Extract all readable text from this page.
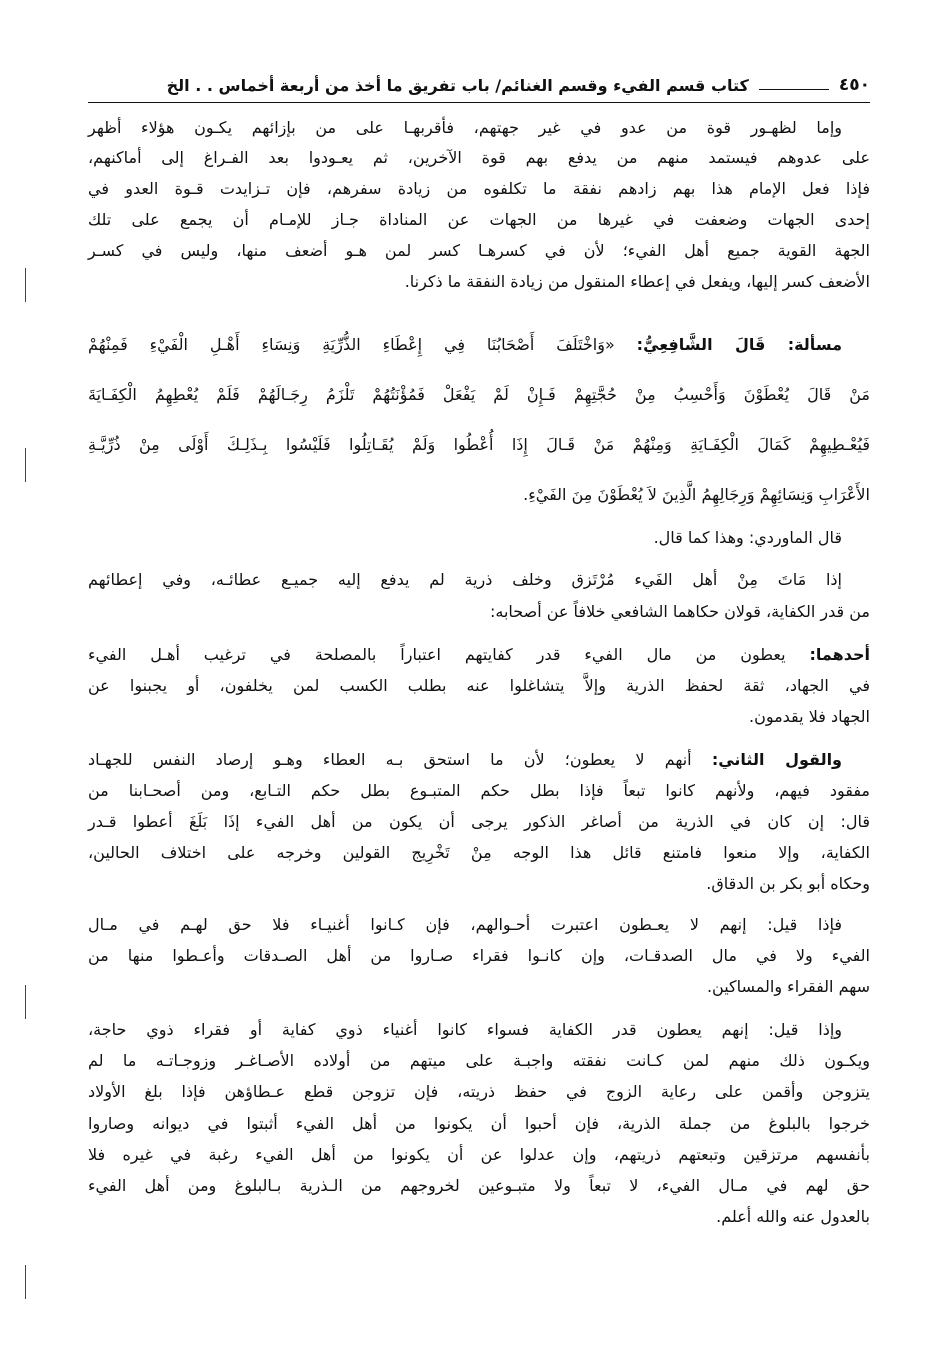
٤٥٠
كتاب قسم الفيء وقسم الغنائم/ باب تفريق ما أخذ من أربعة أخماس . . الخ
وإما لظهـور قوة من عدو في غير جهتهم، فأقربهـا على من بإزائهم يكـون هؤلاء أظهر
على عدوهم فيستمد منهم من يدفع بهم قوة الآخرين، ثم يعـودوا بعد الفـراغ إلى أماكنهم،
فإذا فعل الإمام هذا بهم زادهم نفقة ما تكلفوه من زيادة سفرهم، فإن تـزايدت قـوة العدو في
إحدى الجهات وضعفت في غيرها من الجهات عن المناداة جـاز للإمـام أن يجمع على تلك
الجهة القوية جميع أهل الفيء؛ لأن في كسرهـا كسر لمن هـو أضعف منها، وليس في كسـر
الأضعف كسر إليها، ويفعل في إعطاء المنقول من زيادة النفقة ما ذكرنا.
مسألة: قَالَ الشَّافِعِيُّ: «وَاخْتَلَفَ أَصْحَابُنَا فِي إِعْطَاءِ الذُّرِّيَةِ وَنِسَاءِ أَهْـلِ الْفَيْءِ فَمِنْهُمْ
مَنْ قَالَ يُعْطَوْنَ وَأَحْسِبُ مِنْ حُجَّتِهِمْ فَـإِنْ لَمْ يَفْعَلْ فَمُؤْنَتُهُمْ تَلْزَمُ رِجَـالَهُمْ فَلَمْ يُعْطِهِمُ الْكِفَـايَةَ
فَيُعْـطِيهِمْ كَمَالَ الْكِفَـايَةِ وَمِنْهُمْ مَنْ قَـالَ إِذَا أُعْطُوا وَلَمْ يُقَـاتِلُوا فَلَيْسُوا بِـذَلِـكَ أَوْلَى مِنْ ذُرِّيَّـةِ
الأَعْرَابِ وَنِسَائِهِمْ وَرِجَالِهِمُ الَّذِينَ لاَ يُعْطَوْنَ مِنَ الفَيْءِ.
قال الماوردي: وهذا كما قال.
إذا مَاتَ مِنْ أهل الفَيء مُرْتَزق وخلف ذرية لم يدفع إليه جميـع عطائـه، وفي إعطائهم
من قدر الكفاية، قولان حكاهما الشافعي خلافاً عن أصحابه:
أحدهما: يعطون من مال الفيء قدر كفايتهم اعتباراً بالمصلحة في ترغيب أهـل الفيء
في الجهاد، ثقة لحفظ الذرية وإلاَّ يتشاغلوا عنه بطلب الكسب لمن يخلفون، أو يجبنوا عن
الجهاد فلا يقدمون.
والقول الثاني: أنهم لا يعطون؛ لأن ما استحق بـه العطاء وهـو إرصاد النفس للجهـاد
مفقود فيهم، ولأنهم كانوا تبعاً فإذا بطل حكم المتبـوع بطل حكم التـابع، ومن أصحـابنا من
قال: إن كان في الذرية من أصاغر الذكور يرجى أن يكون من أهل الفيء إذَا بَلَغَ أعطوا قـدر
الكفاية، وإلا منعوا فامتنع قائل هذا الوجه مِنْ تَخْرِيج القولين وخرجه على اختلاف الحالين،
وحكاه أبو بكر بن الدقاق.
فإذا قيل: إنهم لا يعـطون اعتبرت أحـوالهم، فإن كـانوا أغنيـاء فلا حق لهـم في مـال
الفيء ولا في مال الصدقـات، وإن كانـوا فقراء صـاروا من أهل الصـدقات وأعـطوا منها من
سهم الفقراء والمساكين.
وإذا قيل: إنهم يعطون قدر الكفاية فسواء كانوا أغنياء ذوي كفاية أو فقراء ذوي حاجة،
ويكـون ذلك منهم لمن كـانت نفقته واجبـة على ميتهم من أولاده الأصـاغـر وزوجـاتـه ما لم
يتزوجن وأقمن على رعاية الزوج في حفظ ذريته، فإن تزوجن قطع عـطاؤهن فإذا بلغ الأولاد
خرجوا بالبلوغ من جملة الذرية، فإن أحبوا أن يكونوا من أهل الفيء أثبتوا في ديوانه وصاروا
بأنفسهم مرتزقين وتبعتهم ذريتهم، وإن عدلوا عن أن يكونوا من أهل الفيء رغبة في غيره فلا
حق لهم في مـال الفيء، لا تبعاً ولا متبـوعين لخروجهم من الـذرية بـالبلوغ ومن أهل الفيء
بالعدول عنه والله أعلم.
